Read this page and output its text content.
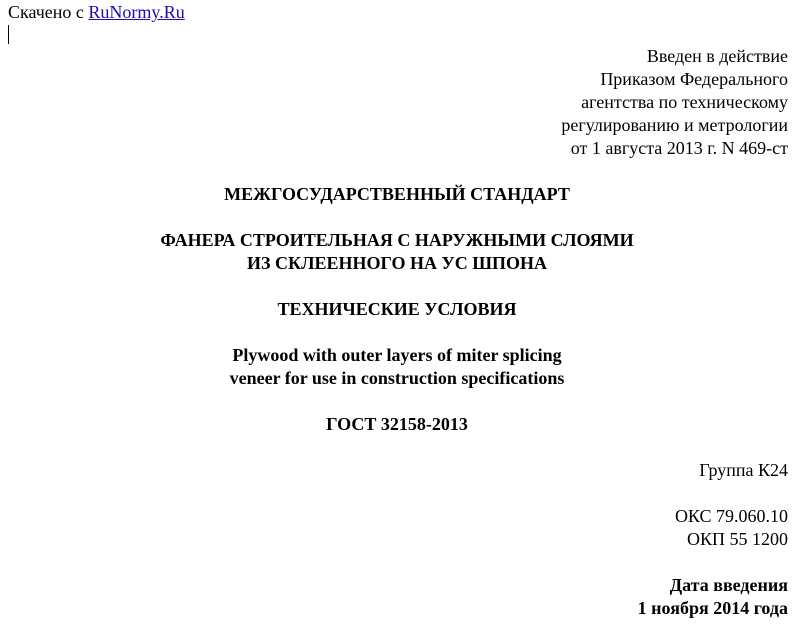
Скачено с RuNormy.Ru
Введен в действие
Приказом Федерального
агентства по техническому
регулированию и метрологии
от 1 августа 2013 г. N 469-ст
МЕЖГОСУДАРСТВЕННЫЙ СТАНДАРТ
ФАНЕРА СТРОИТЕЛЬНАЯ С НАРУЖНЫМИ СЛОЯМИ
ИЗ СКЛЕЕННОГО НА УС ШПОНА
ТЕХНИЧЕСКИЕ УСЛОВИЯ
Plywood with outer layers of miter splicing
veneer for use in construction specifications
ГОСТ 32158-2013
Группа К24
ОКС 79.060.10
ОКП 55 1200
Дата введения
1 ноября 2014 года
